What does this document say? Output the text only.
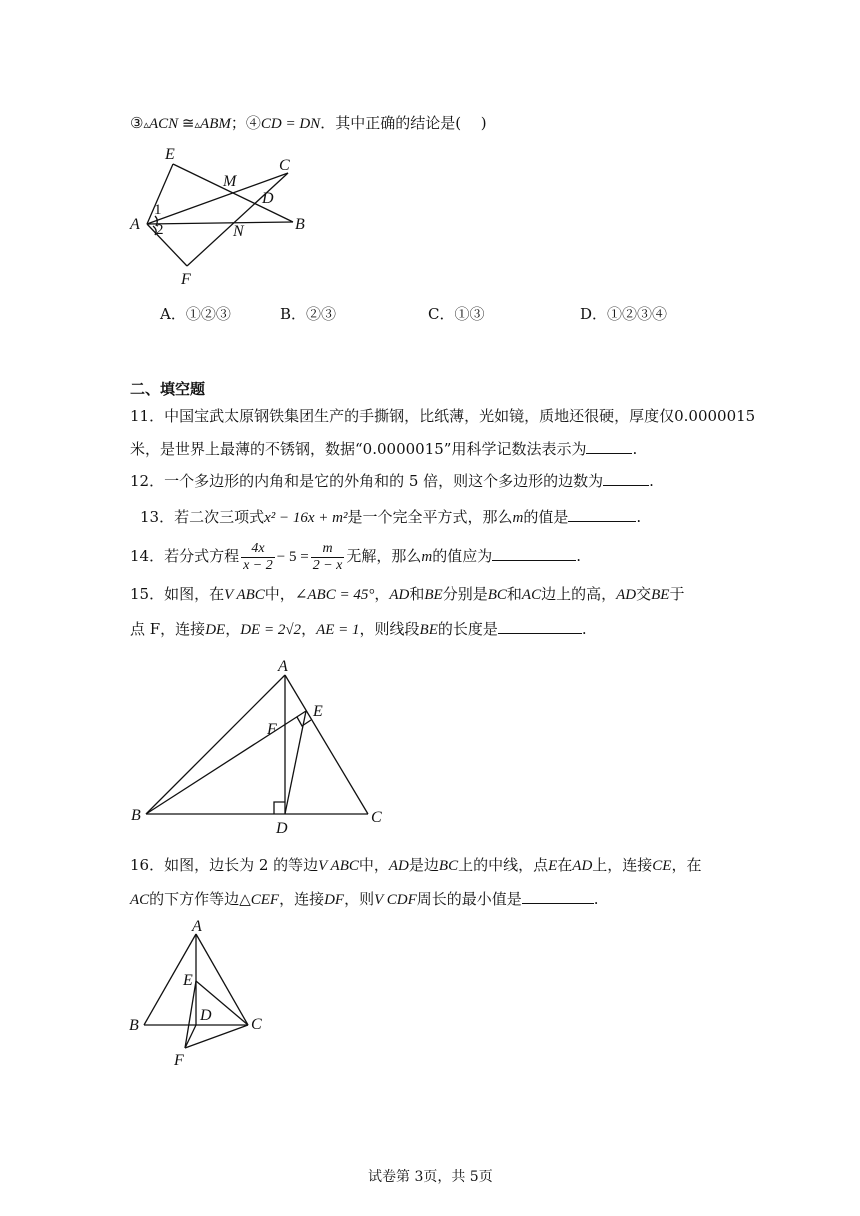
③▵ACN ≅▵ABM；④CD = DN．其中正确的结论是(　 )
E
M
C
D
1
A 2	N	B
F
A．①②③	B．②③	C．①③	D．①②③④
二、填空题
11．中国宝武太原钢铁集团生产的手撕钢，比纸薄，光如镜，质地还很硬，厚度仅0.0000015
米，是世界上最薄的不锈钢，数据“0.0000015”用科学记数法表示为	.
12．一个多边形的内角和是它的外角和的 5 倍，则这个多边形的边数为	.
13．若二次三项式x² − 16x + m²是一个完全平方式，那么m的值是	.
14．若分式方程 $\frac{4x}{x - 2} - 5 = \frac{m}{2 - x}$ 无解，那么m的值应为	.
15．如图，在V ABC中，∠ABC = 45°，AD和BE分别是BC和AC边上的高，AD交BE于
点 F，连接DE，DE = 2√2，AE = 1，则线段BE的长度是	.
A
E
F
B
D
C
16．如图，边长为 2 的等边V ABC中，AD是边BC上的中线，点E在AD上，连接CE，在
AC的下方作等边△CEF，连接DF，则V CDF周长的最小值是	.
A
E
B
D
C
F
试卷第 3页，共 5页
